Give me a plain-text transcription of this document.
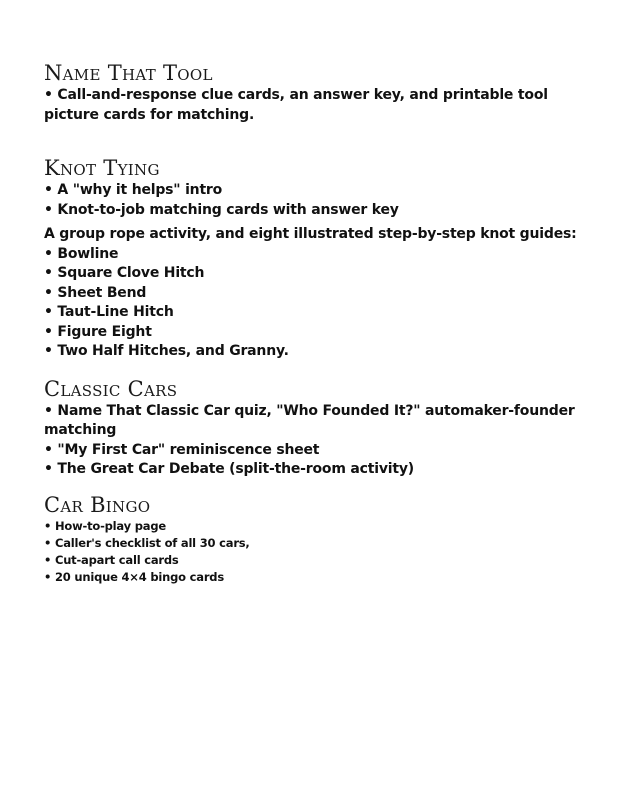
Name That Tool

• Call-and-response clue cards, an answer key, and printable tool picture cards for matching.

Knot Tying

• A "why it helps" intro

• Knot-to-job matching cards with answer key

A group rope activity, and eight illustrated step-by-step knot guides:

• Bowline

• Square Clove Hitch

• Sheet Bend

• Taut-Line Hitch

• Figure Eight

• Two Half Hitches, and Granny.

Classic Cars

• Name That Classic Car quiz, "Who Founded It?" automaker-founder matching

• "My First Car" reminiscence sheet

• The Great Car Debate (split-the-room activity)

Car Bingo

• How-to-play page

• Caller's checklist of all 30 cars,

• Cut-apart call cards

• 20 unique 4×4 bingo cards
